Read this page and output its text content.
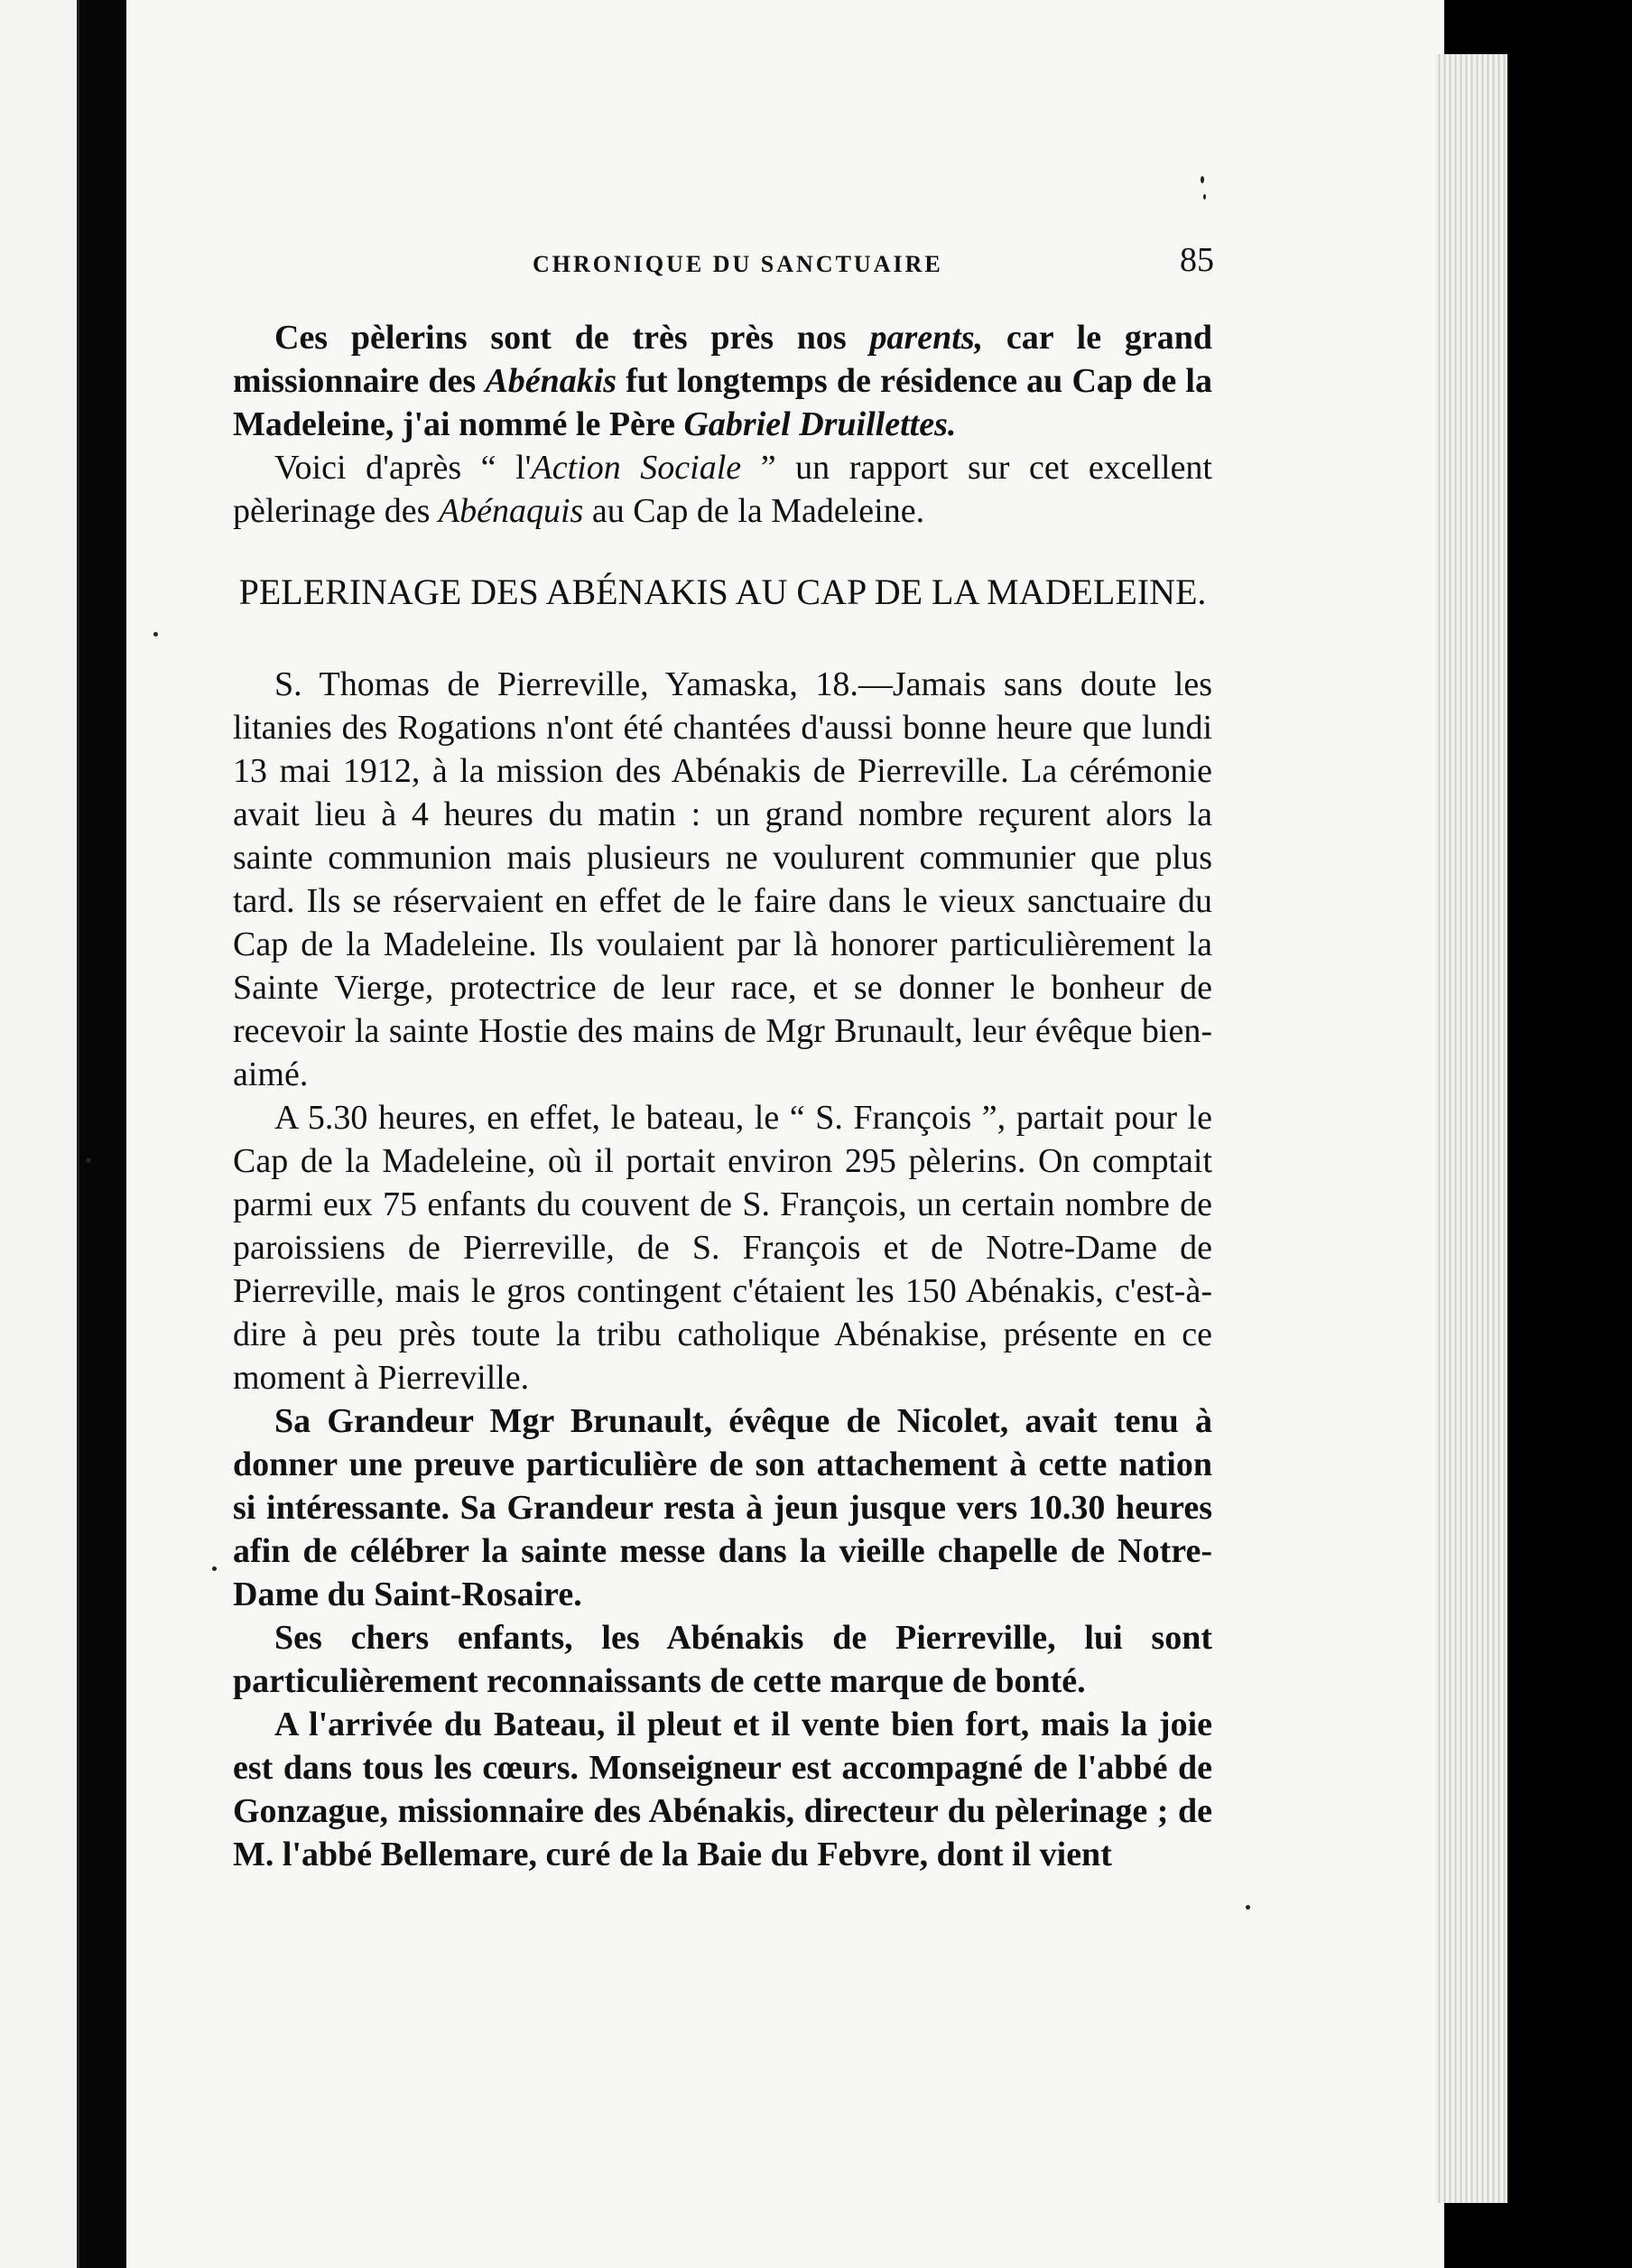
CHRONIQUE DU SANCTUAIRE	85

Ces pèlerins sont de très près nos parents, car le grand missionnaire des Abénakis fut longtemps de résidence au Cap de la Madeleine, j'ai nommé le Père Gabriel Druillettes.

Voici d'après “ l'Action Sociale ” un rapport sur cet excellent pèlerinage des Abénaquis au Cap de la Madeleine.

PELERINAGE DES ABÉNAKIS AU CAP DE LA MADELEINE.

S. Thomas de Pierreville, Yamaska, 18.—Jamais sans doute les litanies des Rogations n'ont été chantées d'aussi bonne heure que lundi 13 mai 1912, à la mission des Abénakis de Pierreville. La cérémonie avait lieu à 4 heures du matin : un grand nombre reçurent alors la sainte communion mais plusieurs ne voulurent communier que plus tard. Ils se réservaient en effet de le faire dans le vieux sanctuaire du Cap de la Madeleine. Ils voulaient par là honorer particulièrement la Sainte Vierge, protectrice de leur race, et se donner le bonheur de recevoir la sainte Hostie des mains de Mgr Brunault, leur évêque bien-aimé.

A 5.30 heures, en effet, le bateau, le “ S. François ”, partait pour le Cap de la Madeleine, où il portait environ 295 pèlerins. On comptait parmi eux 75 enfants du couvent de S. François, un certain nombre de paroissiens de Pierreville, de S. François et de Notre-Dame de Pierreville, mais le gros contingent c'étaient les 150 Abénakis, c'est-à-dire à peu près toute la tribu catholique Abénakise, présente en ce moment à Pierreville.

Sa Grandeur Mgr Brunault, évêque de Nicolet, avait tenu à donner une preuve particulière de son attachement à cette nation si intéressante. Sa Grandeur resta à jeun jusque vers 10.30 heures afin de célébrer la sainte messe dans la vieille chapelle de Notre-Dame du Saint-Rosaire.

Ses chers enfants, les Abénakis de Pierreville, lui sont particulièrement reconnaissants de cette marque de bonté.

A l'arrivée du Bateau, il pleut et il vente bien fort, mais la joie est dans tous les cœurs. Monseigneur est accompagné de l'abbé de Gonzague, missionnaire des Abénakis, directeur du pèlerinage ; de M. l'abbé Bellemare, curé de la Baie du Febvre, dont il vient
